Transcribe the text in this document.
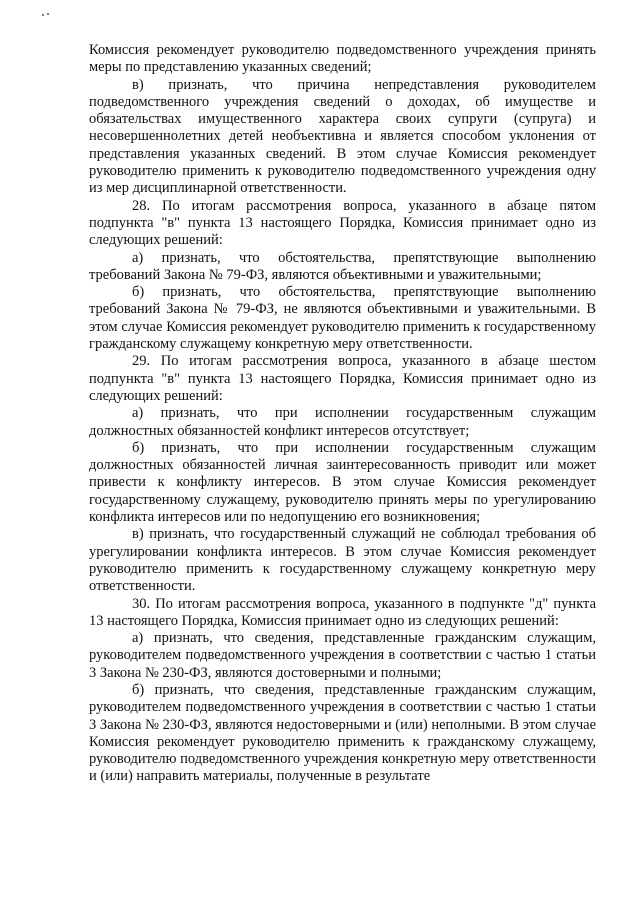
Комиссия рекомендует руководителю подведомственного учреждения принять меры по представлению указанных сведений;

в) признать, что причина непредставления руководителем подведомственного учреждения сведений о доходах, об имуществе и обязательствах имущественного характера своих супруги (супруга) и несовершеннолетних детей необъективна и является способом уклонения от представления указанных сведений. В этом случае Комиссия рекомендует руководителю применить к руководителю подведомственного учреждения одну из мер дисциплинарной ответственности.

28. По итогам рассмотрения вопроса, указанного в абзаце пятом подпункта "в" пункта 13 настоящего Порядка, Комиссия принимает одно из следующих решений:

а) признать, что обстоятельства, препятствующие выполнению требований Закона № 79-ФЗ, являются объективными и уважительными;

б) признать, что обстоятельства, препятствующие выполнению требований Закона № 79-ФЗ, не являются объективными и уважительными. В этом случае Комиссия рекомендует руководителю применить к государственному гражданскому служащему конкретную меру ответственности.

29. По итогам рассмотрения вопроса, указанного в абзаце шестом подпункта "в" пункта 13 настоящего Порядка, Комиссия принимает одно из следующих решений:

а) признать, что при исполнении государственным служащим должностных обязанностей конфликт интересов отсутствует;

б) признать, что при исполнении государственным служащим должностных обязанностей личная заинтересованность приводит или может привести к конфликту интересов. В этом случае Комиссия рекомендует государственному служащему, руководителю принять меры по урегулированию конфликта интересов или по недопущению его возникновения;

в) признать, что государственный служащий не соблюдал требования об урегулировании конфликта интересов. В этом случае Комиссия рекомендует руководителю применить к государственному служащему конкретную меру ответственности.

30. По итогам рассмотрения вопроса, указанного в подпункте "д" пункта 13 настоящего Порядка, Комиссия принимает одно из следующих решений:

а) признать, что сведения, представленные гражданским служащим, руководителем подведомственного учреждения в соответствии с частью 1 статьи 3 Закона № 230-ФЗ, являются достоверными и полными;

б) признать, что сведения, представленные гражданским служащим, руководителем подведомственного учреждения в соответствии с частью 1 статьи 3 Закона № 230-ФЗ, являются недостоверными и (или) неполными. В этом случае Комиссия рекомендует руководителю применить к гражданскому служащему, руководителю подведомственного учреждения конкретную меру ответственности и (или) направить материалы, полученные в результате
